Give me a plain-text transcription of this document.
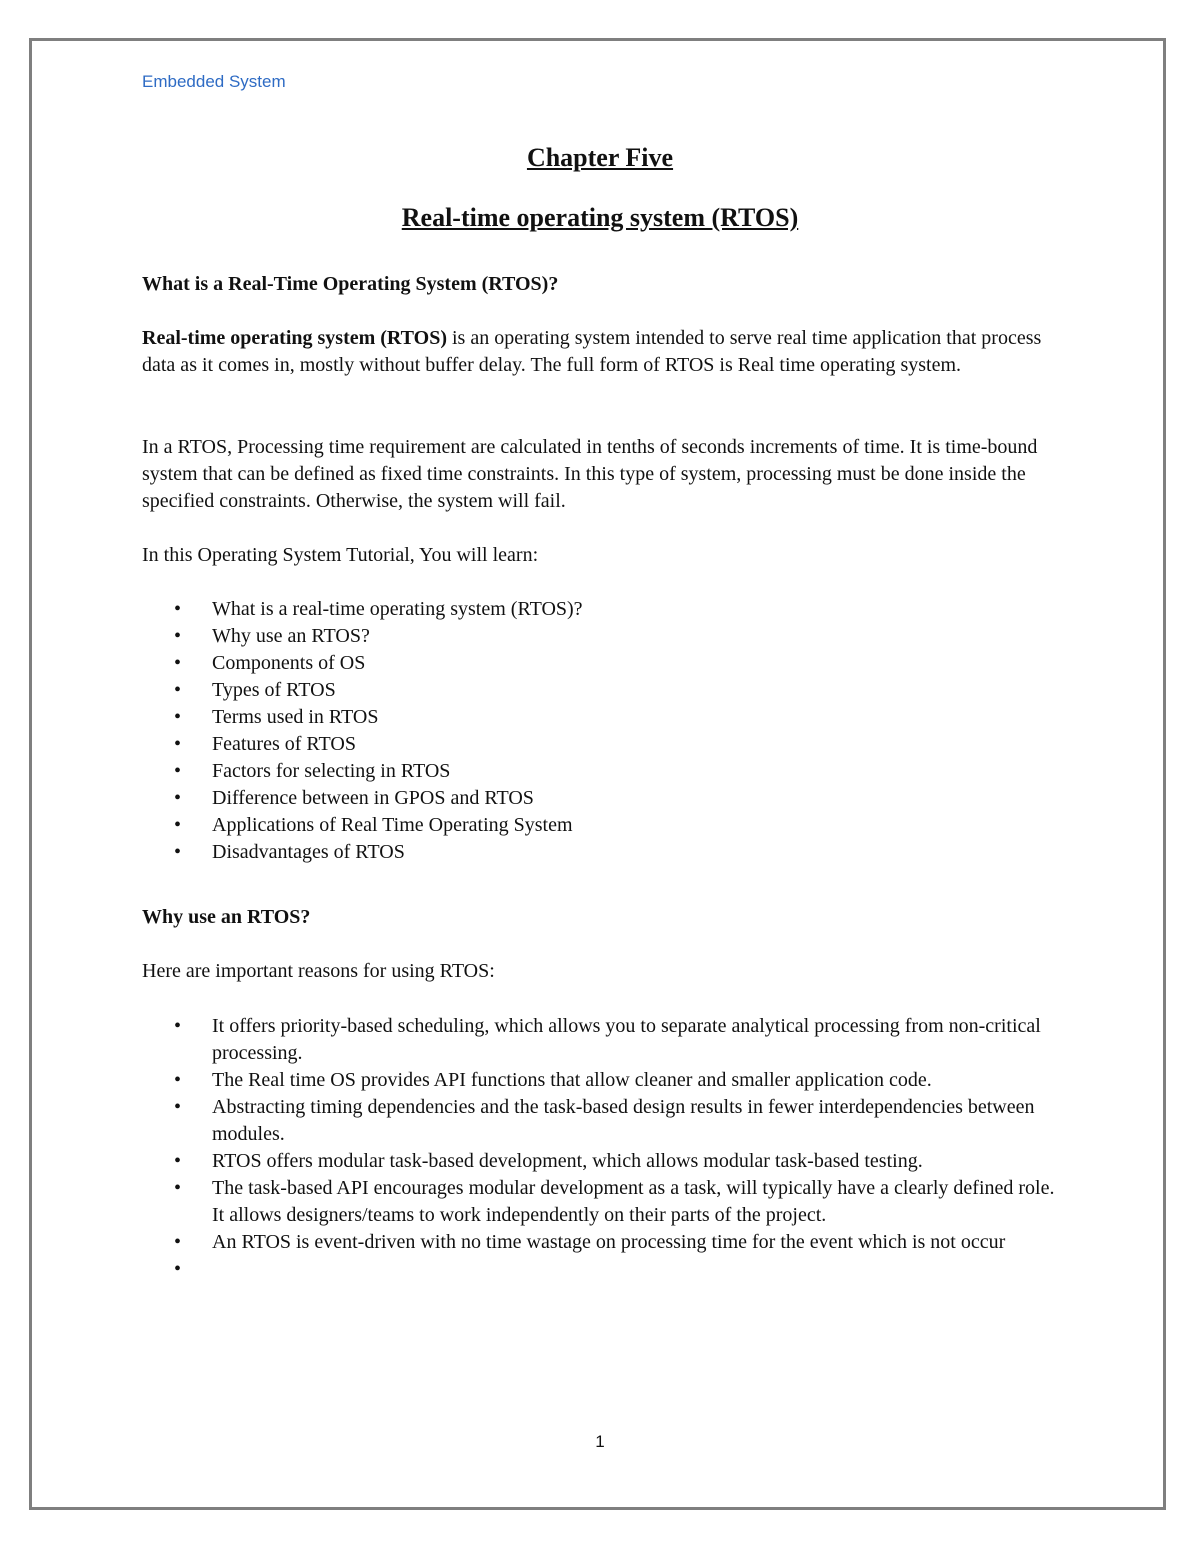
Embedded System
Chapter Five
Real-time operating system (RTOS)
What is a Real-Time Operating System (RTOS)?

Real-time operating system (RTOS) is an operating system intended to serve real time application that process data as it comes in, mostly without buffer delay. The full form of RTOS is Real time operating system.

In a RTOS, Processing time requirement are calculated in tenths of seconds increments of time. It is time-bound system that can be defined as fixed time constraints. In this type of system, processing must be done inside the specified constraints. Otherwise, the system will fail.

In this Operating System Tutorial, You will learn:

• What is a real-time operating system (RTOS)?
• Why use an RTOS?
• Components of OS
• Types of RTOS
• Terms used in RTOS
• Features of RTOS
• Factors for selecting in RTOS
• Difference between in GPOS and RTOS
• Applications of Real Time Operating System
• Disadvantages of RTOS
Why use an RTOS?

Here are important reasons for using RTOS:

• It offers priority-based scheduling, which allows you to separate analytical processing from non-critical processing.
• The Real time OS provides API functions that allow cleaner and smaller application code.
• Abstracting timing dependencies and the task-based design results in fewer interdependencies between modules.
• RTOS offers modular task-based development, which allows modular task-based testing.
• The task-based API encourages modular development as a task, will typically have a clearly defined role. It allows designers/teams to work independently on their parts of the project.
• An RTOS is event-driven with no time wastage on processing time for the event which is not occur
•
1
